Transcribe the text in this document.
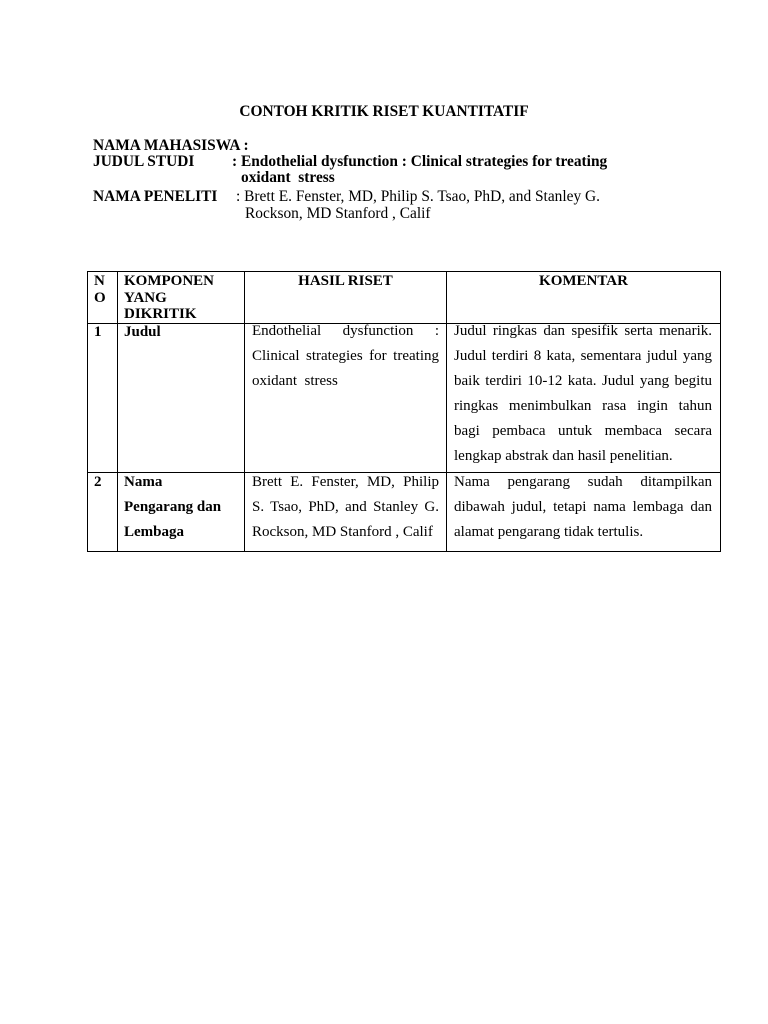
CONTOH KRITIK RISET KUANTITATIF
NAMA MAHASISWA :
JUDUL STUDI : Endothelial dysfunction : Clinical strategies for treating
oxidant  stress
NAMA PENELITI : Brett E. Fenster, MD, Philip S. Tsao, PhD, and Stanley G.
Rockson, MD Stanford , Calif
N
O
KOMPONEN
YANG
DIKRITIK
HASIL RISET	KOMENTAR
1 Judul	Endothelial dysfunction :
Clinical strategies for treating
oxidant  stress
Judul ringkas dan spesifik serta menarik.
Judul terdiri 8 kata, sementara judul yang
baik terdiri 10-12 kata. Judul yang begitu
ringkas menimbulkan rasa ingin tahun
bagi pembaca untuk membaca secara
lengkap abstrak dan hasil penelitian.
2 Nama
Pengarang dan
Lembaga
Brett E. Fenster, MD, Philip
S. Tsao, PhD, and Stanley G.
Rockson, MD Stanford , Calif
Nama pengarang sudah ditampilkan
dibawah judul, tetapi nama lembaga dan
alamat pengarang tidak tertulis.
